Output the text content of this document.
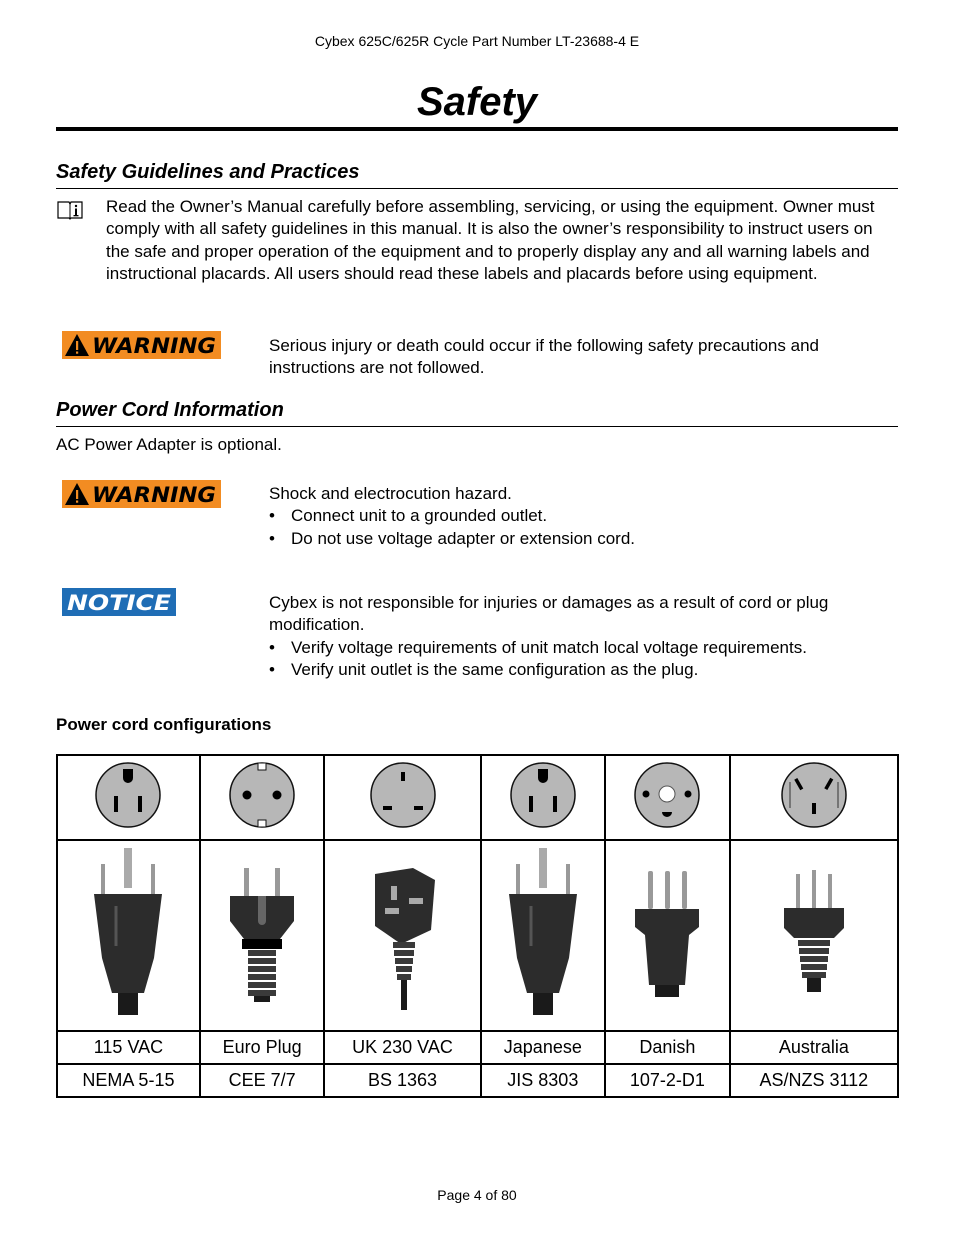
Cybex 625C/625R Cycle Part Number LT-23688-4 E
Safety
Safety Guidelines and Practices
Read the Owner’s Manual carefully before assembling, servicing, or using the equipment. Owner must comply with all safety guidelines in this manual. It is also the owner’s responsibility to instruct users on the safe and proper operation of the equipment and to properly display any and all warning labels and instructional placards. All users should read these labels and placards before using equipment.
WARNING	Serious injury or death could occur if the following safety precautions and instructions are not followed.
Power Cord Information
AC Power Adapter is optional.
WARNING	Shock and electrocution hazard.
• Connect unit to a grounded outlet.
• Do not use voltage adapter or extension cord.
NOTICE	Cybex is not responsible for injuries or damages as a result of cord or plug modification.
• Verify voltage requirements of unit match local voltage requirements.
• Verify unit outlet is the same configuration as the plug.
Power cord configurations

115 VAC	Euro Plug	UK 230 VAC	Japanese	Danish	Australia
NEMA 5-15	CEE 7/7	BS 1363	JIS 8303	107-2-D1	AS/NZS 3112
Page 4 of 80
